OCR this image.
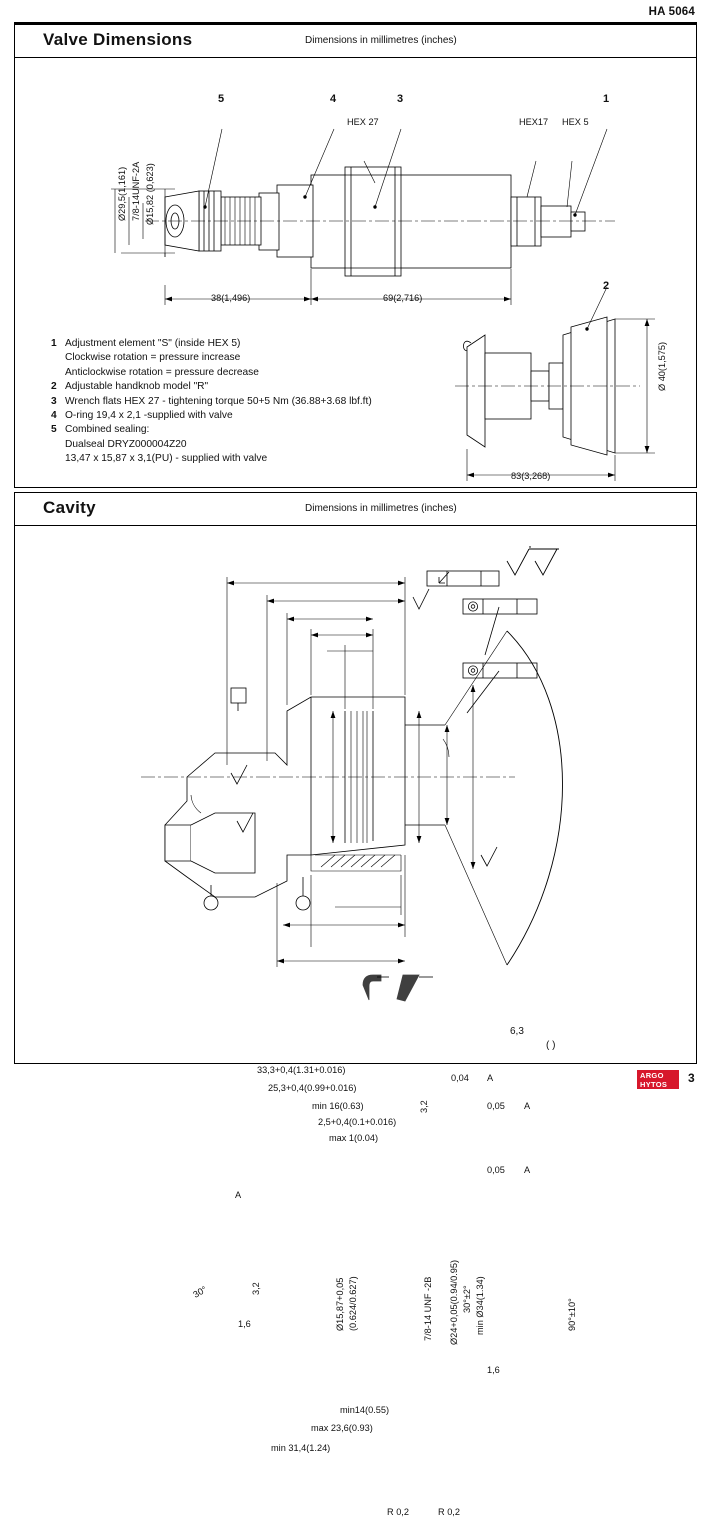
HA 5064
Valve Dimensions	Dimensions in millimetres (inches)
5	4	3	1
2
HEX 27	HEX17 HEX 5
Ø29,5(1,161) 7/8-14UNF-2A Ø15,82 (0,623)
38(1,496)	69(2,716)
Ø 40(1,575)
83(3,268)
1 Adjustment element "S" (inside HEX 5)
Clockwise rotation = pressure increase
Anticlockwise rotation = pressure decrease
2 Adjustable handknob model "R"
3 Wrench flats HEX 27 - tightening torque 50+5 Nm (36.88+3.68 lbf.ft)
4 O-ring 19,4 x 2,1 -supplied with valve
5 Combined sealing:
Dualseal DRYZ000004Z20
13,47 x 15,87 x 3,1(PU) - supplied with valve
Cavity	Dimensions in millimetres (inches)
6,3
( )
33,3+0,4(1.31+0.016)
25,3+0,4(0.99+0.016)
min 16(0.63)
2,5+0,4(0.1+0.016)
max 1(0.04)
Ø15,87+0,05 (0.624/0.627)	7/8-14 UNF -2B Ø24+0,05(0.94/0.95) min Ø34(1.34)
30°±2°	90°±10°
30°
min14(0.55)
max 23,6(0.93)
min 31,4(1.24)
1,6
1,6
3,2
3,2
0,04 A
0,05 A
0,05 A
A
R 0,2	R 0,2
ARGO
HYTOS	3
